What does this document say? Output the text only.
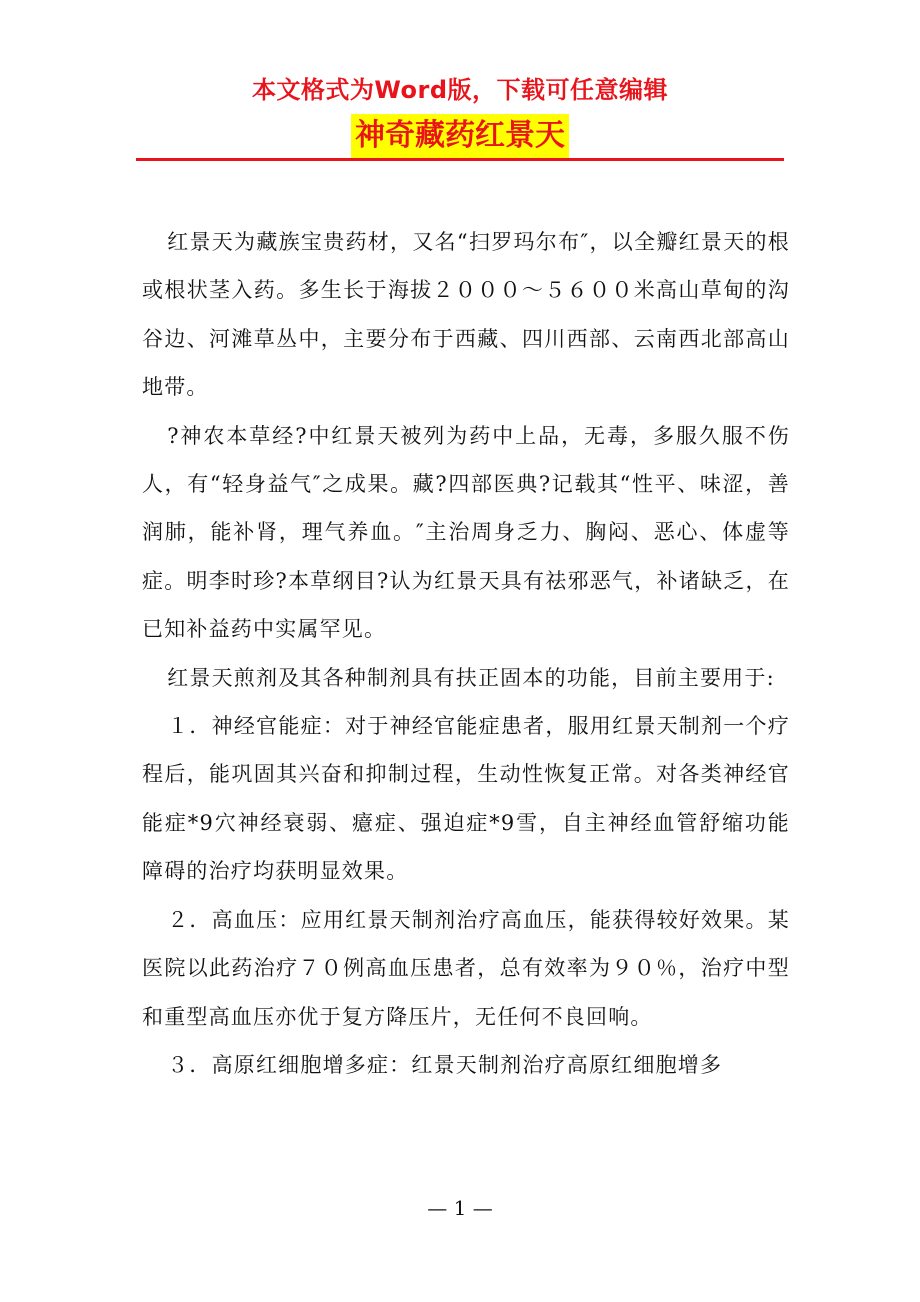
本文格式为Word版，下载可任意编辑
神奇藏药红景天

红景天为藏族宝贵药材，又名“扫罗玛尔布″，以全瓣红景天的根或根状茎入药。多生长于海拔２０００～５６００米高山草甸的沟谷边、河滩草丛中，主要分布于西藏、四川西部、云南西北部高山地带。

?神农本草经?中红景天被列为药中上品，无毒，多服久服不伤人，有“轻身益气″之成果。藏?四部医典?记载其“性平、味涩，善润肺，能补肾，理气养血。″主治周身乏力、胸闷、恶心、体虚等症。明李时珍?本草纲目?认为红景天具有祛邪恶气，补诸缺乏，在已知补益药中实属罕见。

红景天煎剂及其各种制剂具有扶正固本的功能，目前主要用于:

１．神经官能症：对于神经官能症患者，服用红景天制剂一个疗程后，能巩固其兴奋和抑制过程，生动性恢复正常。对各类神经官能症*9穴神经衰弱、癔症、强迫症*9雪，自主神经血管舒缩功能障碍的治疗均获明显效果。

２．高血压：应用红景天制剂治疗高血压，能获得较好效果。某医院以此药治疗７０例高血压患者，总有效率为９０％，治疗中型和重型高血压亦优于复方降压片，无任何不良回响。

３．高原红细胞增多症：红景天制剂治疗高原红细胞增多

— 1 —
